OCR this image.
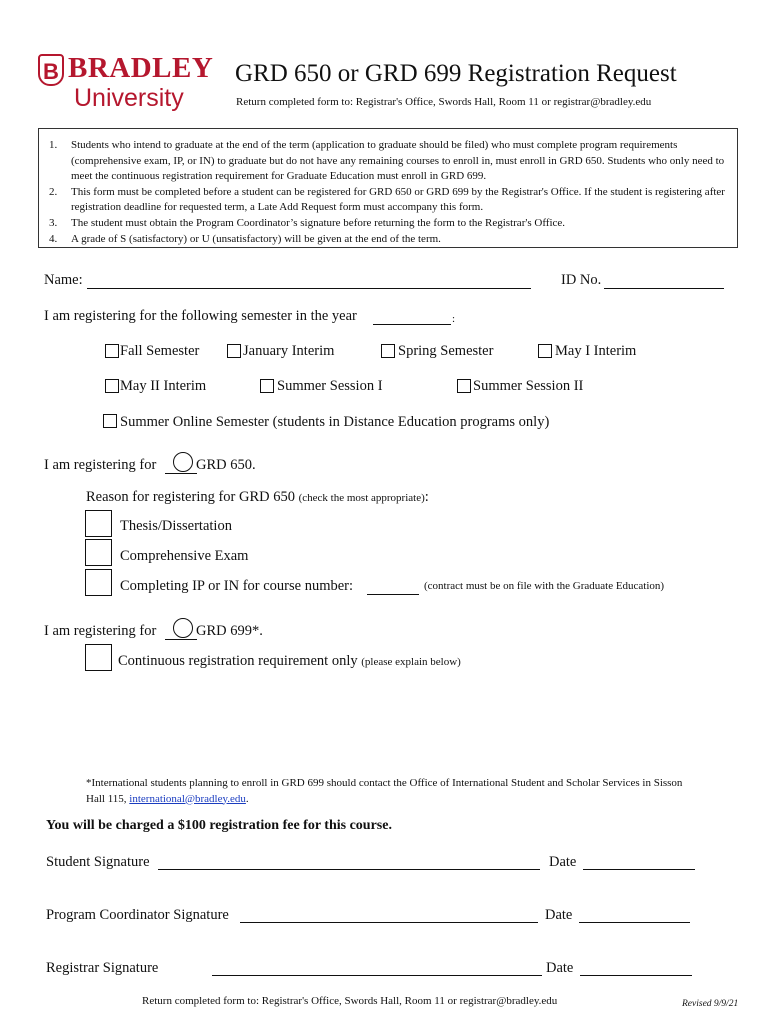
B BRADLEY
University
GRD 650 or GRD 699 Registration Request
Return completed form to: Registrar's Office, Swords Hall, Room 11 or registrar@bradley.edu
1.	Students who intend to graduate at the end of the term (application to graduate should be filed) who must complete program requirements (comprehensive exam, IP, or IN) to graduate but do not have any remaining courses to enroll in, must enroll in GRD 650. Students who only need to meet the continuous registration requirement for Graduate Education must enroll in GRD 699.
2.	This form must be completed before a student can be registered for GRD 650 or GRD 699 by the Registrar's Office. If the student is registering after registration deadline for requested term, a Late Add Request form must accompany this form.
3.	The student must obtain the Program Coordinator’s signature before returning the form to the Registrar's Office.
4.	A grade of S (satisfactory) or U (unsatisfactory) will be given at the end of the term.
Name:	ID No.
I am registering for the following semester in the year	:
Fall Semester	January Interim	Spring Semester	May I Interim
May II Interim	Summer Session I	Summer Session II
Summer Online Semester (students in Distance Education programs only)
I am registering for	GRD 650.
Reason for registering for GRD 650 (check the most appropriate):
Thesis/Dissertation
Comprehensive Exam
Completing IP or IN for course number:	(contract must be on file with the Graduate Education)
I am registering for	GRD 699*.
Continuous registration requirement only (please explain below)
*International students planning to enroll in GRD 699 should contact the Office of International Student and Scholar Services in Sisson Hall 115, international@bradley.edu.
You will be charged a $100 registration fee for this course.
Student Signature	Date
Program Coordinator Signature	Date
Registrar Signature	Date
Return completed form to: Registrar's Office, Swords Hall, Room 11 or registrar@bradley.edu	Revised 9/9/21
